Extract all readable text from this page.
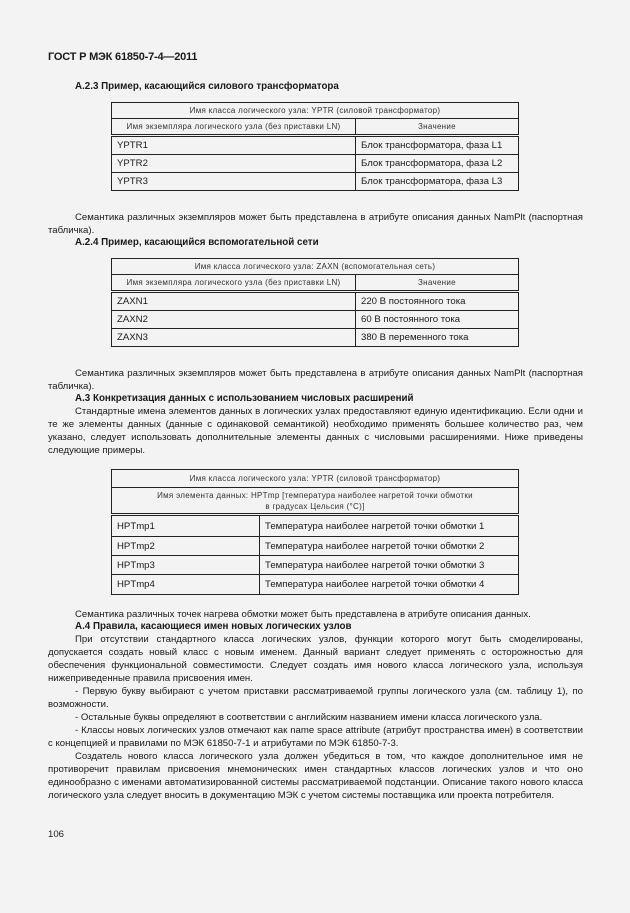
ГОСТ Р МЭК 61850-7-4—2011
А.2.3 Пример, касающийся силового трансформатора
Имя класса логического узла: YPTR (силовой трансформатор)	
Имя экземпляра логического узла (без приставки LN)	Значение
YPTR1	Блок трансформатора, фаза L1
YPTR2	Блок трансформатора, фаза L2
YPTR3	Блок трансформатора, фаза L3

Семантика различных экземпляров может быть представлена в атрибуте описания данных NamPlt (паспортная табличка).

А.2.4 Пример, касающийся вспомогательной сети
Имя класса логического узла: ZAXN (вспомогательная сеть)	
Имя экземпляра логического узла (без приставки LN)	Значение
ZAXN1	220 В постоянного тока
ZAXN2	60 В постоянного тока
ZAXN3	380 В переменного тока

Семантика различных экземпляров может быть представлена в атрибуте описания данных NamPlt (паспортная табличка).

А.3 Конкретизация данных с использованием числовых расширений

Стандартные имена элементов данных в логических узлах предоставляют единую идентификацию. Если одни и те же элементы данных (данные с одинаковой семантикой) необходимо применять большее количество раз, чем указано, следует использовать дополнительные элементы данных с числовыми расширениями. Ниже приведены следующие примеры.

Имя класса логического узла: YPTR (силовой трансформатор)	
Имя элемента данных: HPTmp [температура наиболее нагретой точки обмотки
в градусах Цельсия (°С)]	
HPTmp1	Температура наиболее нагретой точки обмотки 1
HPTmp2	Температура наиболее нагретой точки обмотки 2
HPTmp3	Температура наиболее нагретой точки обмотки 3
HPTmp4	Температура наиболее нагретой точки обмотки 4

Семантика различных точек нагрева обмотки может быть представлена в атрибуте описания данных.

А.4 Правила, касающиеся имен новых логических узлов

При отсутствии стандартного класса логических узлов, функции которого могут быть смоделированы, допускается создать новый класс с новым именем. Данный вариант следует применять с осторожностью для обеспечения функциональной совместимости. Следует создать имя нового класса логического узла, используя нижеприведенные правила присвоения имен.

- Первую букву выбирают с учетом приставки рассматриваемой группы логического узла (см. таблицу 1), по возможности.

- Остальные буквы определяют в соответствии с английским названием имени класса логического узла.

- Классы новых логических узлов отмечают как name space attribute (атрибут пространства имен) в соответствии с концепцией и правилами по МЭК 61850-7-1 и атрибутами по МЭК 61850-7-3.

Создатель нового класса логического узла должен убедиться в том, что каждое дополнительное имя не противоречит правилам присвоения мнемонических имен стандартных классов логических узлов и что оно единообразно с именами автоматизированной системы рассматриваемой подстанции. Описание такого нового класса логического узла следует вносить в документацию МЭК с учетом системы поставщика или проекта потребителя.

106
